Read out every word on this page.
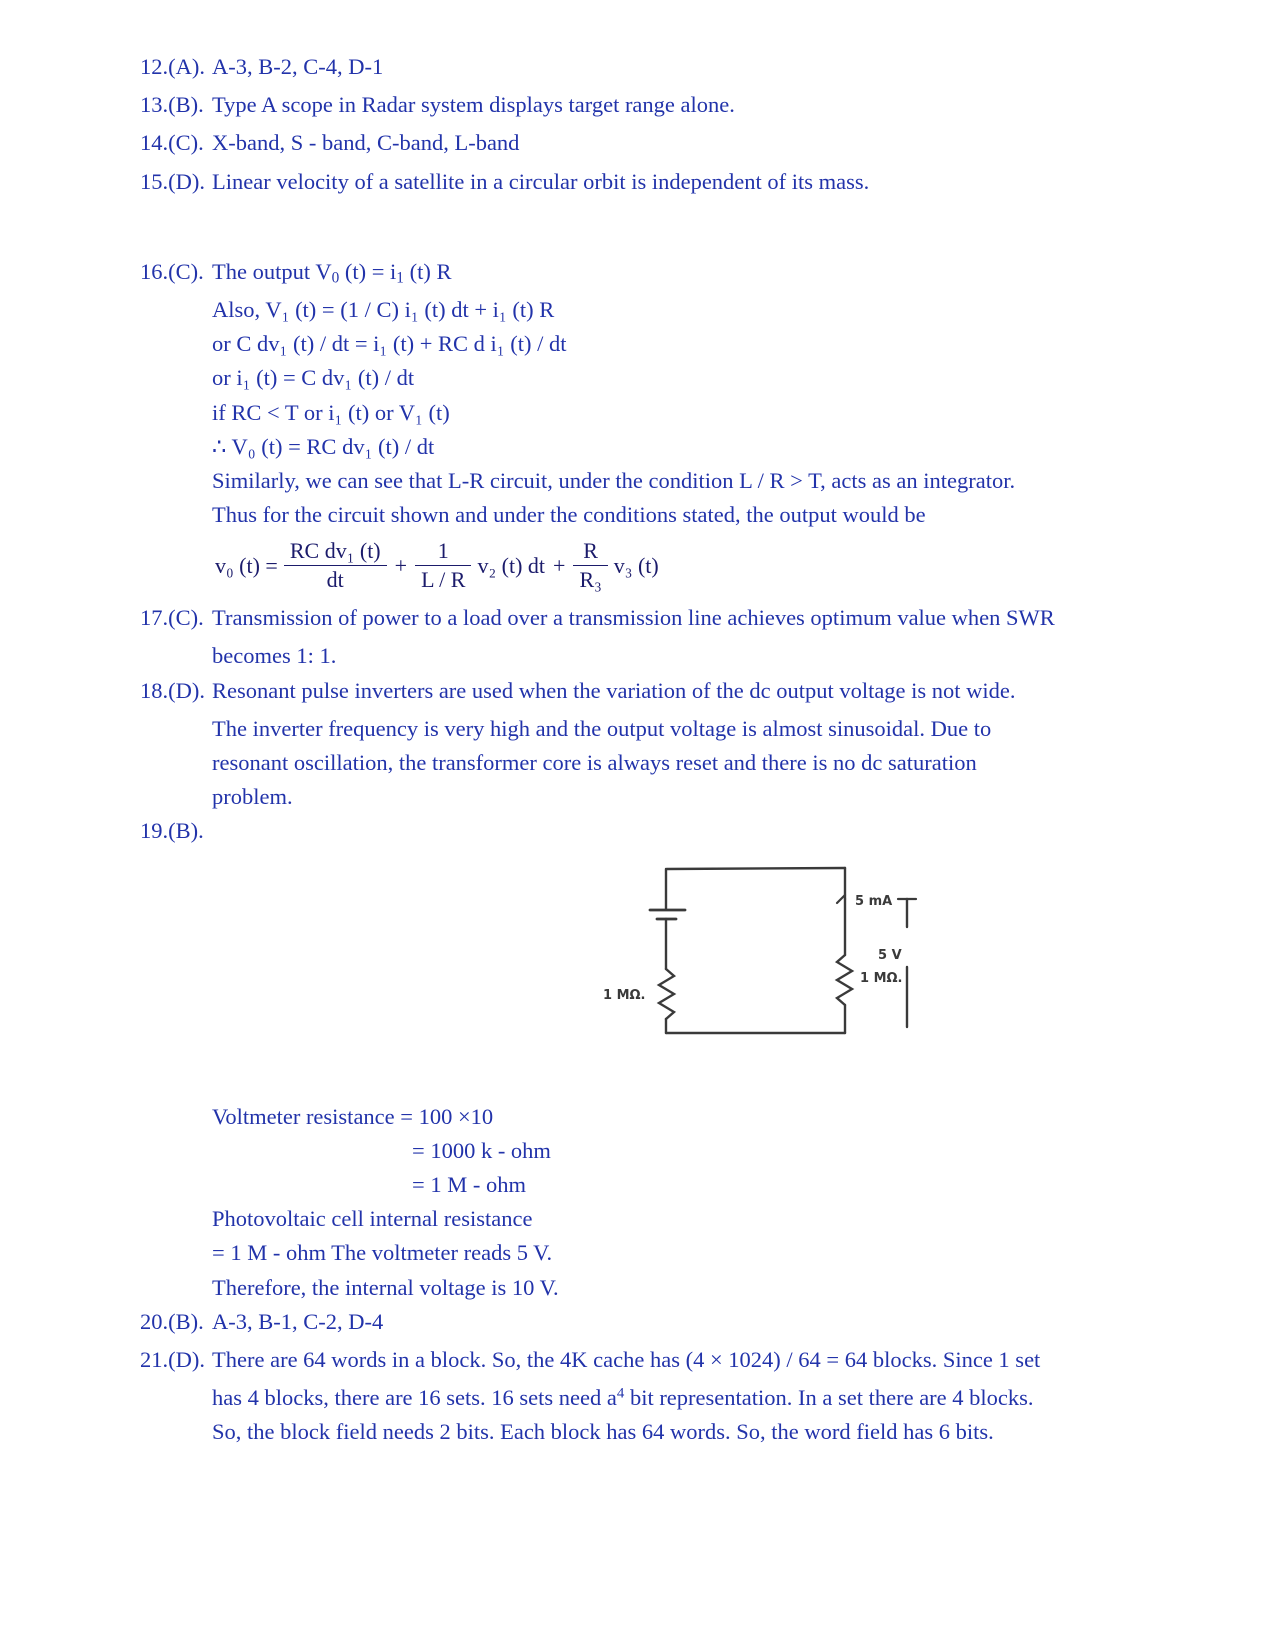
12.(A). A-3, B-2, C-4, D-1
13.(B). Type A scope in Radar system displays target range alone.
14.(C). X-band, S - band, C-band, L-band
15.(D). Linear velocity of a satellite in a circular orbit is independent of its mass.
16.(C). The output $V_0$ $(t) = i_1$ (t) R

Also, V₁ (t) = (1 / C) i₁ (t) dt + i₁ (t) R

or C dv₁ (t) / dt = i₁ (t) + RC d i₁ (t) / dt

or i₁ (t) = C dv₁ (t) / dt

if RC < T or i₁ (t) or V₁ (t)

∴ V₀ (t) = RC dv₁ (t) / dt

Similarly, we can see that L-R circuit, under the condition L / R > T, acts as an integrator.

Thus for the circuit shown and under the conditions stated, the output would be

v₀ $(t) = \frac{\text{RC dv₁ (t)}}{dt} + \frac{1}{L / R} v_2$ (t) dt + $\frac{R}{\text{R₃}} v_3$ (t)
17.(C). Transmission of power to a load over a transmission line achieves optimum value when SWR

becomes 1: 1.

18.(D). Resonant pulse inverters are used when the variation of the dc output voltage is not wide.

The inverter frequency is very high and the output voltage is almost sinusoidal. Due to

resonant oscillation, the transformer core is always reset and there is no dc saturation

problem.

19.(B).
5 mA
1 MΩ.
1 MΩ.
5 V

Voltmeter resistance = 100 ×10

= 1000 k - ohm

= 1 M - ohm

Photovoltaic cell internal resistance

= 1 M - ohm The voltmeter reads 5 V.

Therefore, the internal voltage is 10 V.

20.(B). A-3, B-1, C-2, D-4
21.(D). There are 64 words in a block. So, the 4K cache has (4 × 1024) / 64 = 64 blocks. Since 1 set

has 4 blocks, there are 16 sets. 16 sets need $a^4$ bit representation. In a set there are 4 blocks.

So, the block field needs 2 bits. Each block has 64 words. So, the word field has 6 bits.
